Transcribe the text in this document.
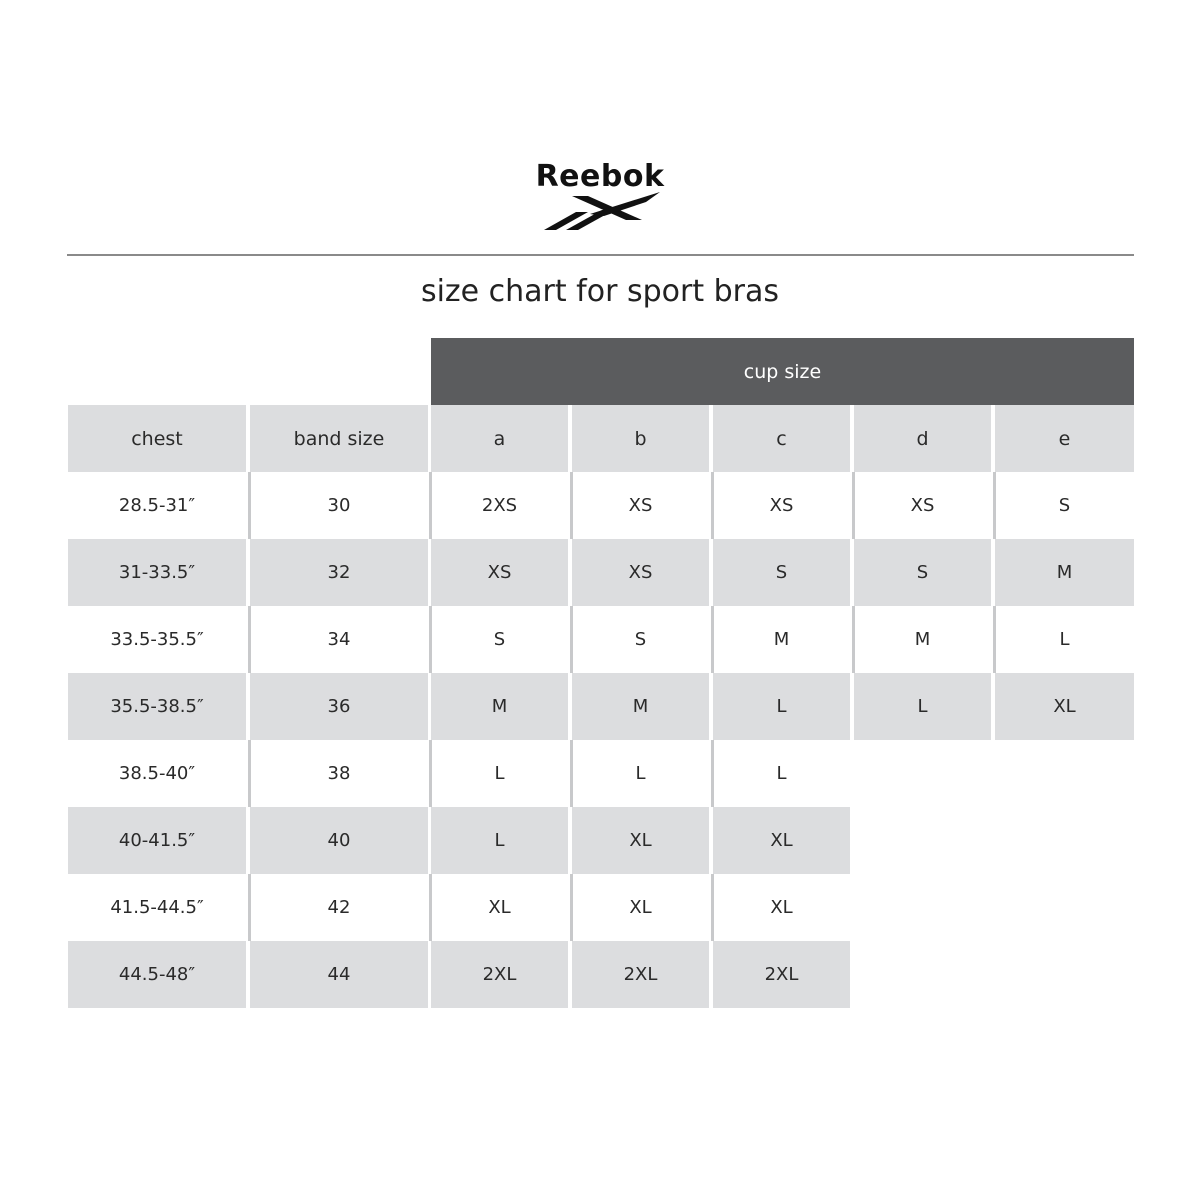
Reebok
size chart for sport bras
cup size
chest	band size	a	b	c	d	e
28.5-31″	30	2XS	XS	XS	XS	S
31-33.5″	32	XS	XS	S	S	M
33.5-35.5″	34	S	S	M	M	L
35.5-38.5″	36	M	M	L	L	XL
38.5-40″	38	L	L	L
40-41.5″	40	L	XL	XL
41.5-44.5″	42	XL	XL	XL
44.5-48″	44	2XL	2XL	2XL
